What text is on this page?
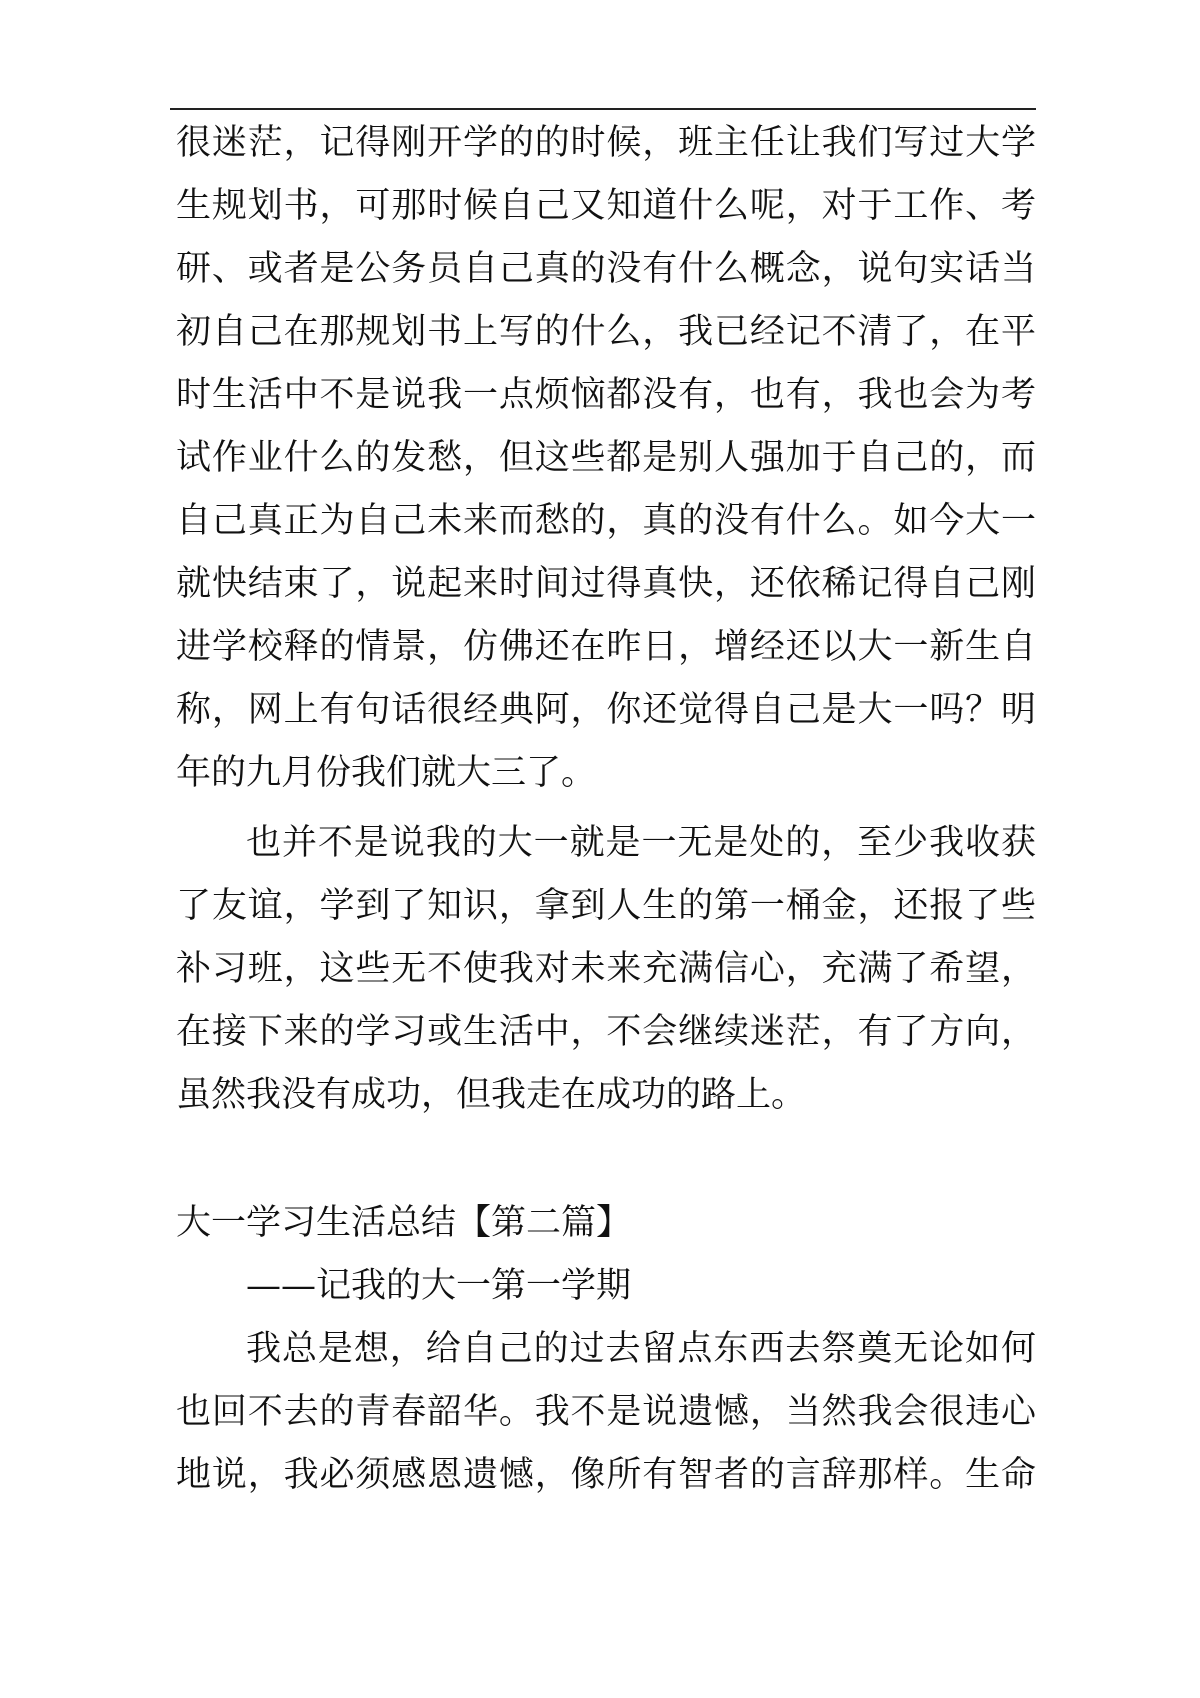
很迷茫，记得刚开学的的时候，班主任让我们写过大学
生规划书，可那时候自己又知道什么呢，对于工作、考
研、或者是公务员自己真的没有什么概念，说句实话当
初自己在那规划书上写的什么，我已经记不清了，在平
时生活中不是说我一点烦恼都没有，也有，我也会为考
试作业什么的发愁，但这些都是别人强加于自己的，而
自己真正为自己未来而愁的，真的没有什么。如今大一
就快结束了，说起来时间过得真快，还依稀记得自己刚
进学校释的情景，仿佛还在昨日，增经还以大一新生自
称，网上有句话很经典阿，你还觉得自己是大一吗？明
年的九月份我们就大三了。
也并不是说我的大一就是一无是处的，至少我收获
了友谊，学到了知识，拿到人生的第一桶金，还报了些
补习班，这些无不使我对未来充满信心，充满了希望，
在接下来的学习或生活中，不会继续迷茫，有了方向，
虽然我没有成功，但我走在成功的路上。
大一学习生活总结【第二篇】
——记我的大一第一学期
我总是想，给自己的过去留点东西去祭奠无论如何
也回不去的青春韶华。我不是说遗憾，当然我会很违心
地说，我必须感恩遗憾，像所有智者的言辞那样。生命
